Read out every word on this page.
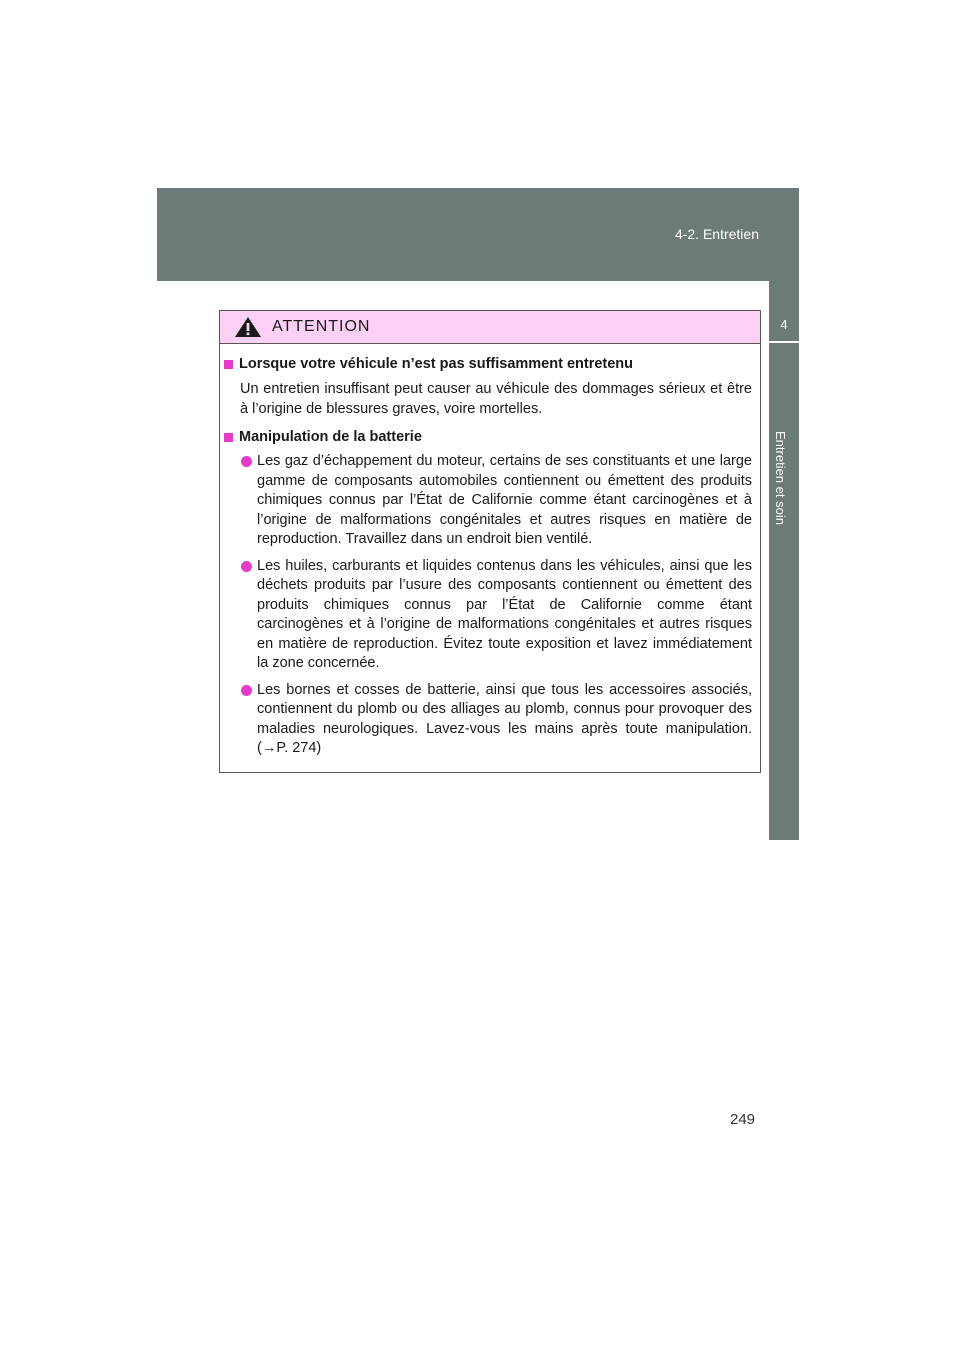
4-2. Entretien
4
Entretien et soin
ATTENTION
Lorsque votre véhicule n’est pas suffisamment entretenu
Un entretien insuffisant peut causer au véhicule des dommages sérieux et être à l’origine de blessures graves, voire mortelles.
Manipulation de la batterie
Les gaz d’échappement du moteur, certains de ses constituants et une large gamme de composants automobiles contiennent ou émettent des produits chimiques connus par l’État de Californie comme étant carcinogènes et à l’origine de malformations congénitales et autres risques en matière de reproduction. Travaillez dans un endroit bien ventilé.
Les huiles, carburants et liquides contenus dans les véhicules, ainsi que les déchets produits par l’usure des composants contiennent ou émettent des produits chimiques connus par l’État de Californie comme étant carcinogènes et à l’origine de malformations congénitales et autres risques en matière de reproduction. Évitez toute exposition et lavez immédiatement la zone concernée.
Les bornes et cosses de batterie, ainsi que tous les accessoires associés, contiennent du plomb ou des alliages au plomb, connus pour provoquer des maladies neurologiques. Lavez-vous les mains après toute manipulation. (→P. 274)
249
